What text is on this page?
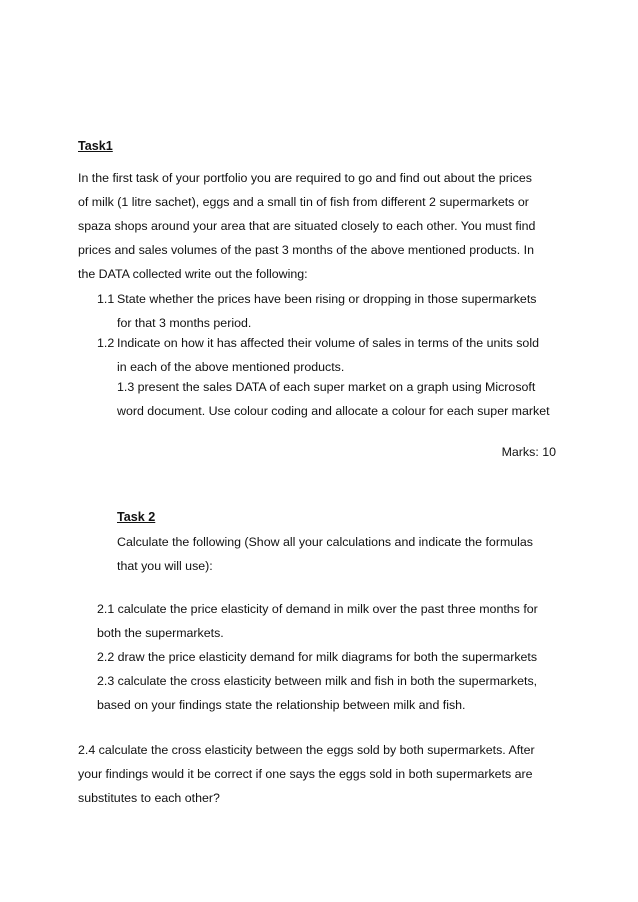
Task1

In the first task of your portfolio you are required to go and find out about the prices

of milk (1 litre sachet), eggs and a small tin of fish from different 2 supermarkets or

spaza shops around your area that are situated closely to each other. You must find

prices and sales volumes of the past 3 months of the above mentioned products. In

the DATA collected write out the following:

1.1 State whether the prices have been rising or dropping in those supermarkets

for that 3 months period.

1.2 Indicate on how it has affected their volume of sales in terms of the units sold

in each of the above mentioned products.

1.3 present the sales DATA of each super market on a graph using Microsoft

word document. Use colour coding and allocate a colour for each super market

Marks: 10
Task 2

Calculate the following (Show all your calculations and indicate the formulas

that you will use):

2.1 calculate the price elasticity of demand in milk over the past three months for

both the supermarkets.

2.2 draw the price elasticity demand for milk diagrams for both the supermarkets

2.3 calculate the cross elasticity between milk and fish in both the supermarkets,

based on your findings state the relationship between milk and fish.

2.4 calculate the cross elasticity between the eggs sold by both supermarkets. After

your findings would it be correct if one says the eggs sold in both supermarkets are

substitutes to each other?
